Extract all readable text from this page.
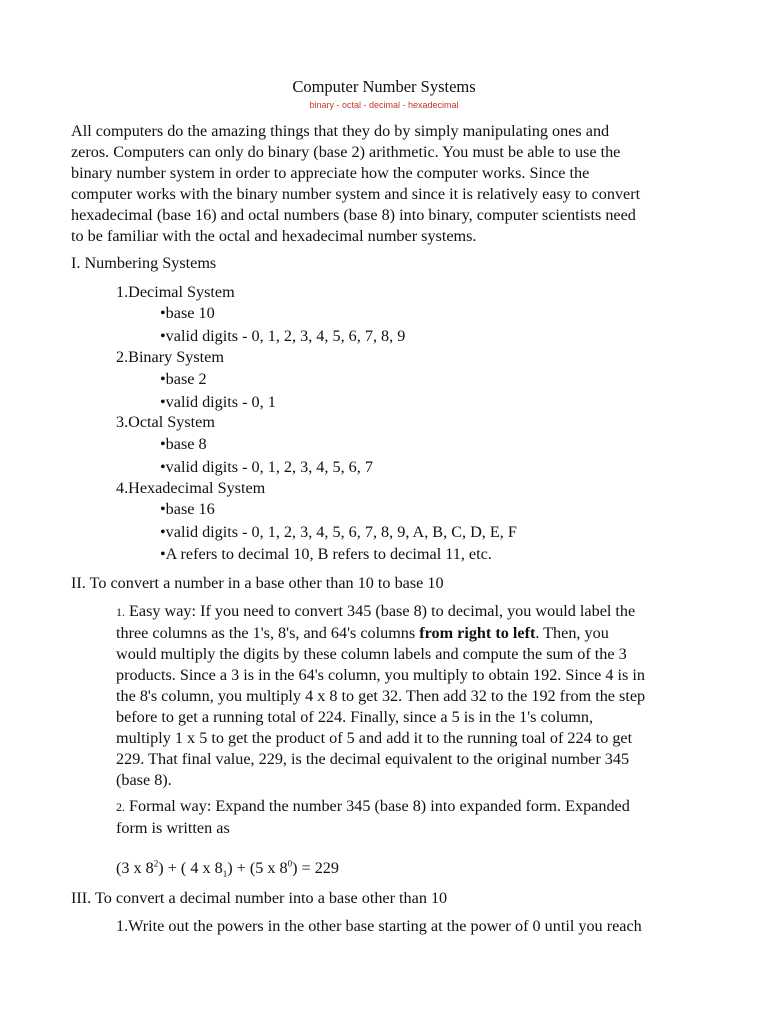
Computer Number Systems
binary - octal - decimal - hexadecimal
All computers do the amazing things that they do by simply manipulating ones and
zeros. Computers can only do binary (base 2) arithmetic. You must be able to use the
binary number system in order to appreciate how the computer works. Since the
computer works with the binary number system and since it is relatively easy to convert
hexadecimal (base 16) and octal numbers (base 8) into binary, computer scientists need
to be familiar with the octal and hexadecimal number systems.
I. Numbering Systems
1.Decimal System
•base 10
•valid digits - 0, 1, 2, 3, 4, 5, 6, 7, 8, 9
2.Binary System
•base 2
•valid digits - 0, 1
3.Octal System
•base 8
•valid digits - 0, 1, 2, 3, 4, 5, 6, 7
4.Hexadecimal System
•base 16
•valid digits - 0, 1, 2, 3, 4, 5, 6, 7, 8, 9, A, B, C, D, E, F
•A refers to decimal 10, B refers to decimal 11, etc.
II. To convert a number in a base other than 10 to base 10
1. Easy way: If you need to convert 345 (base 8) to decimal, you would label the
three columns as the 1's, 8's, and 64's columns from right to left. Then, you
would multiply the digits by these column labels and compute the sum of the 3
products. Since a 3 is in the 64's column, you multiply to obtain 192. Since 4 is in
the 8's column, you multiply 4 x 8 to get 32. Then add 32 to the 192 from the step
before to get a running total of 224. Finally, since a 5 is in the 1's column,
multiply 1 x 5 to get the product of 5 and add it to the running toal of 224 to get
229. That final value, 229, is the decimal equivalent to the original number 345
(base 8).
2. Formal way: Expand the number 345 (base 8) into expanded form. Expanded
form is written as
(3 x $8^2$) + ( 4 x $8_1) + (5$ x $8^0) = 229$
III. To convert a decimal number into a base other than 10
1.Write out the powers in the other base starting at the power of 0 until you reach
